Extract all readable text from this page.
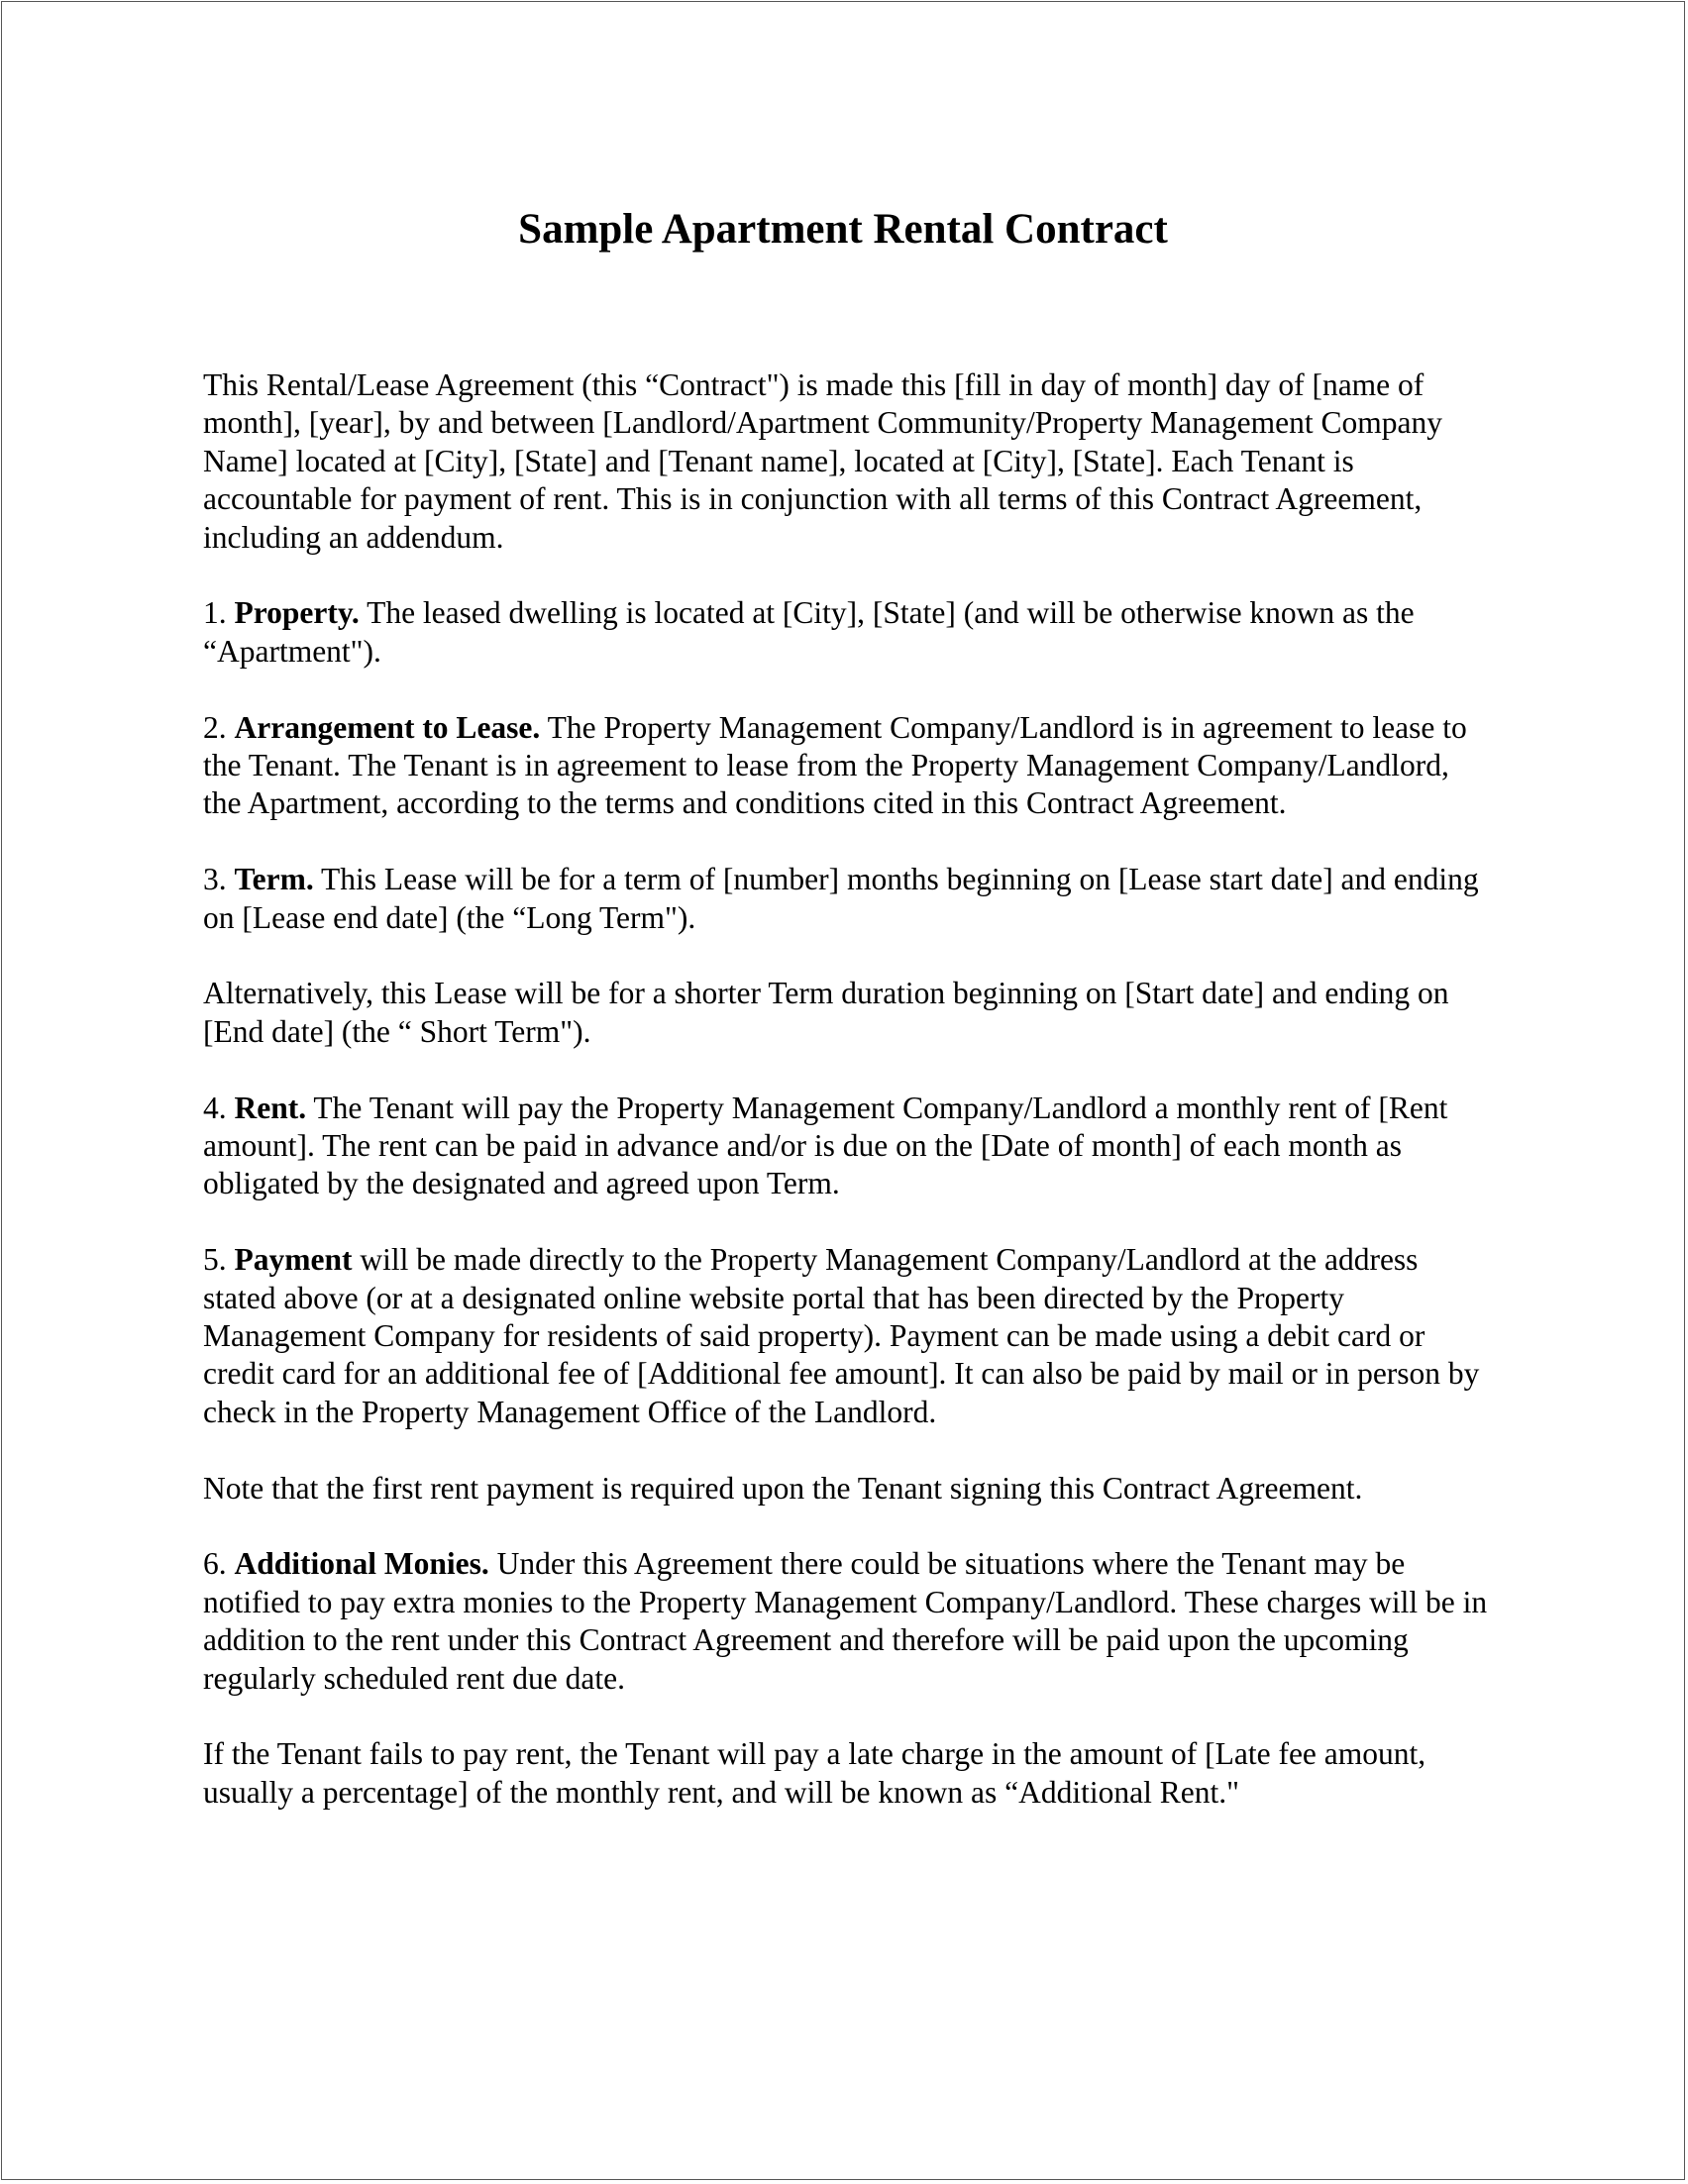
Sample Apartment Rental Contract

This Rental/Lease Agreement (this “Contract") is made this [fill in day of month] day of [name of month], [year], by and between [Landlord/Apartment Community/Property Management Company Name] located at [City], [State] and [Tenant name], located at [City], [State]. Each Tenant is accountable for payment of rent. This is in conjunction with all terms of this Contract Agreement, including an addendum.

1. Property. The leased dwelling is located at [City], [State] (and will be otherwise known as the “Apartment").

2. Arrangement to Lease. The Property Management Company/Landlord is in agreement to lease to the Tenant. The Tenant is in agreement to lease from the Property Management Company/Landlord, the Apartment, according to the terms and conditions cited in this Contract Agreement.

3. Term. This Lease will be for a term of [number] months beginning on [Lease start date] and ending on [Lease end date] (the “Long Term").

Alternatively, this Lease will be for a shorter Term duration beginning on [Start date] and ending on [End date] (the “ Short Term").

4. Rent. The Tenant will pay the Property Management Company/Landlord a monthly rent of [Rent amount]. The rent can be paid in advance and/or is due on the [Date of month] of each month as obligated by the designated and agreed upon Term.

5. Payment will be made directly to the Property Management Company/Landlord at the address stated above (or at a designated online website portal that has been directed by the Property Management Company for residents of said property). Payment can be made using a debit card or credit card for an additional fee of [Additional fee amount]. It can also be paid by mail or in person by check in the Property Management Office of the Landlord.

Note that the first rent payment is required upon the Tenant signing this Contract Agreement.

6. Additional Monies. Under this Agreement there could be situations where the Tenant may be notified to pay extra monies to the Property Management Company/Landlord. These charges will be in addition to the rent under this Contract Agreement and therefore will be paid upon the upcoming regularly scheduled rent due date.

If the Tenant fails to pay rent, the Tenant will pay a late charge in the amount of [Late fee amount, usually a percentage] of the monthly rent, and will be known as “Additional Rent."
